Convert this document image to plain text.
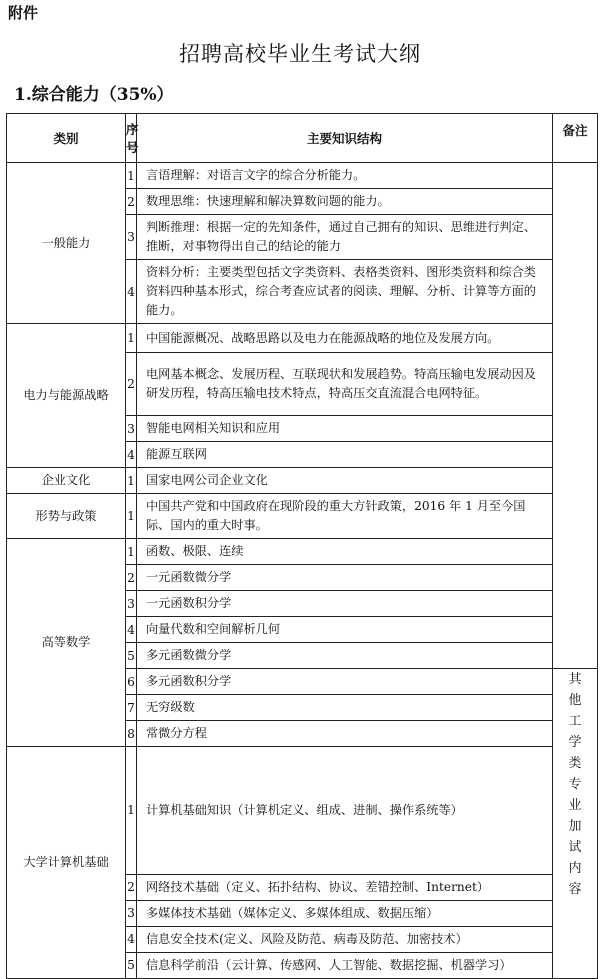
附件
招聘高校毕业生考试大纲
1.综合能力（35%）
类别	序号	主要知识结构	备注
一般能力	1	言语理解：对语言文字的综合分析能力。	
	2	数理思维：快速理解和解决算数问题的能力。	
	3	判断推理：根据一定的先知条件，通过自己拥有的知识、思维进行判定、推断，对事物得出自己的结论的能力	
	4	资料分析：主要类型包括文字类资料、表格类资料、图形类资料和综合类资料四种基本形式，综合考查应试者的阅读、理解、分析、计算等方面的能力。	
电力与能源战略	1	中国能源概况、战略思路以及电力在能源战略的地位及发展方向。	
	2	电网基本概念、发展历程、互联现状和发展趋势。特高压输电发展动因及研发历程，特高压输电技术特点，特高压交直流混合电网特征。	
	3	智能电网相关知识和应用	
	4	能源互联网	
企业文化	1	国家电网公司企业文化	
形势与政策	1	中国共产党和中国政府在现阶段的重大方针政策，2016 年 1 月至今国际、国内的重大时事。	
高等数学	1	函数、极限、连续	
	2	一元函数微分学	
	3	一元函数积分学	
	4	向量代数和空间解析几何	
	5	多元函数微分学	
	6	多元函数积分学	其他工学类专业加试内容
	7	无穷级数	
	8	常微分方程	
大学计算机基础	1	计算机基础知识（计算机定义、组成、进制、操作系统等）	
	2	网络技术基础（定义、拓扑结构、协议、差错控制、Internet）	
	3	多媒体技术基础（媒体定义、多媒体组成、数据压缩）	
	4	信息安全技术(定义、风险及防范、病毒及防范、加密技术）	
	5	信息科学前沿（云计算、传感网、人工智能、数据挖掘、机器学习）	
